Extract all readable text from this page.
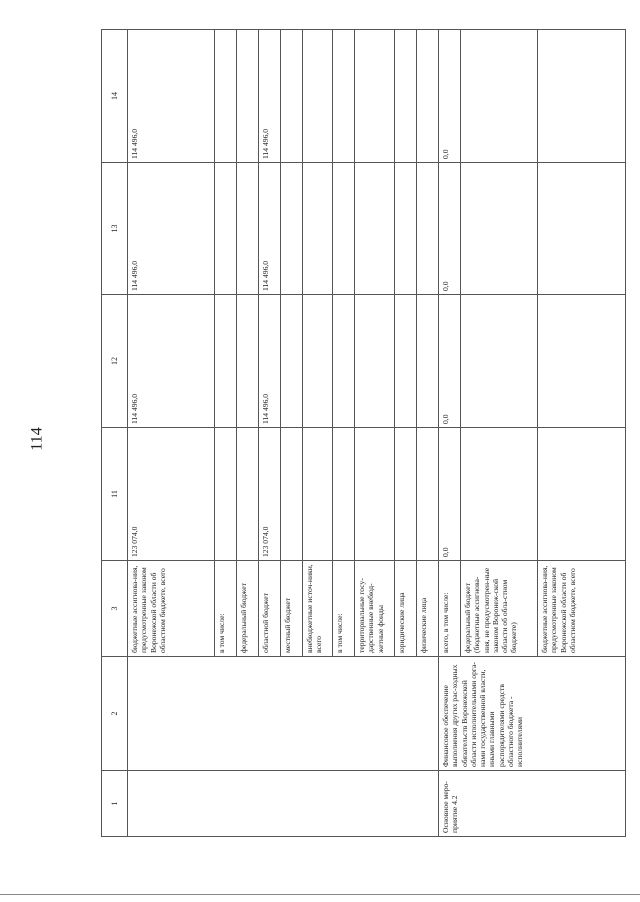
114
1	2	3	11	12	13	14
		бюджетные ассигнова-ния, предусмотренные законом Воронежской области об областном бюджете, всего	123 074,0	114 496,0	114 496,0	114 496,0
		в том числе:				
		федеральный бюджет				
		областной бюджет	123 074,0	114 496,0	114 496,0	114 496,0
		местный бюджет				
		внебюджетные источ-ники, всего				
		в том числе:				
		территориальные госу-дарственные внебюд-жетные фонды				
		юридические лица				
		физические лица				
Основное меро-приятие 4.2	Финансовое обеспечение выполнения других рас-ходных обязательств Воронежской области исполнительными орга-нами государственной власти, иными главными распорядителями средств областного бюджета - исполнителями	всего, в том числе:	0,0	0,0	0,0	0,0
		федеральный бюджет (бюджетные ассигнова-ния, не предусмотрен-ные законом Воронеж-ской области об обла-стном бюджете)				
		бюджетные ассигнова-ния, предусмотренные законом Воронежской области об областном бюджете, всего				
